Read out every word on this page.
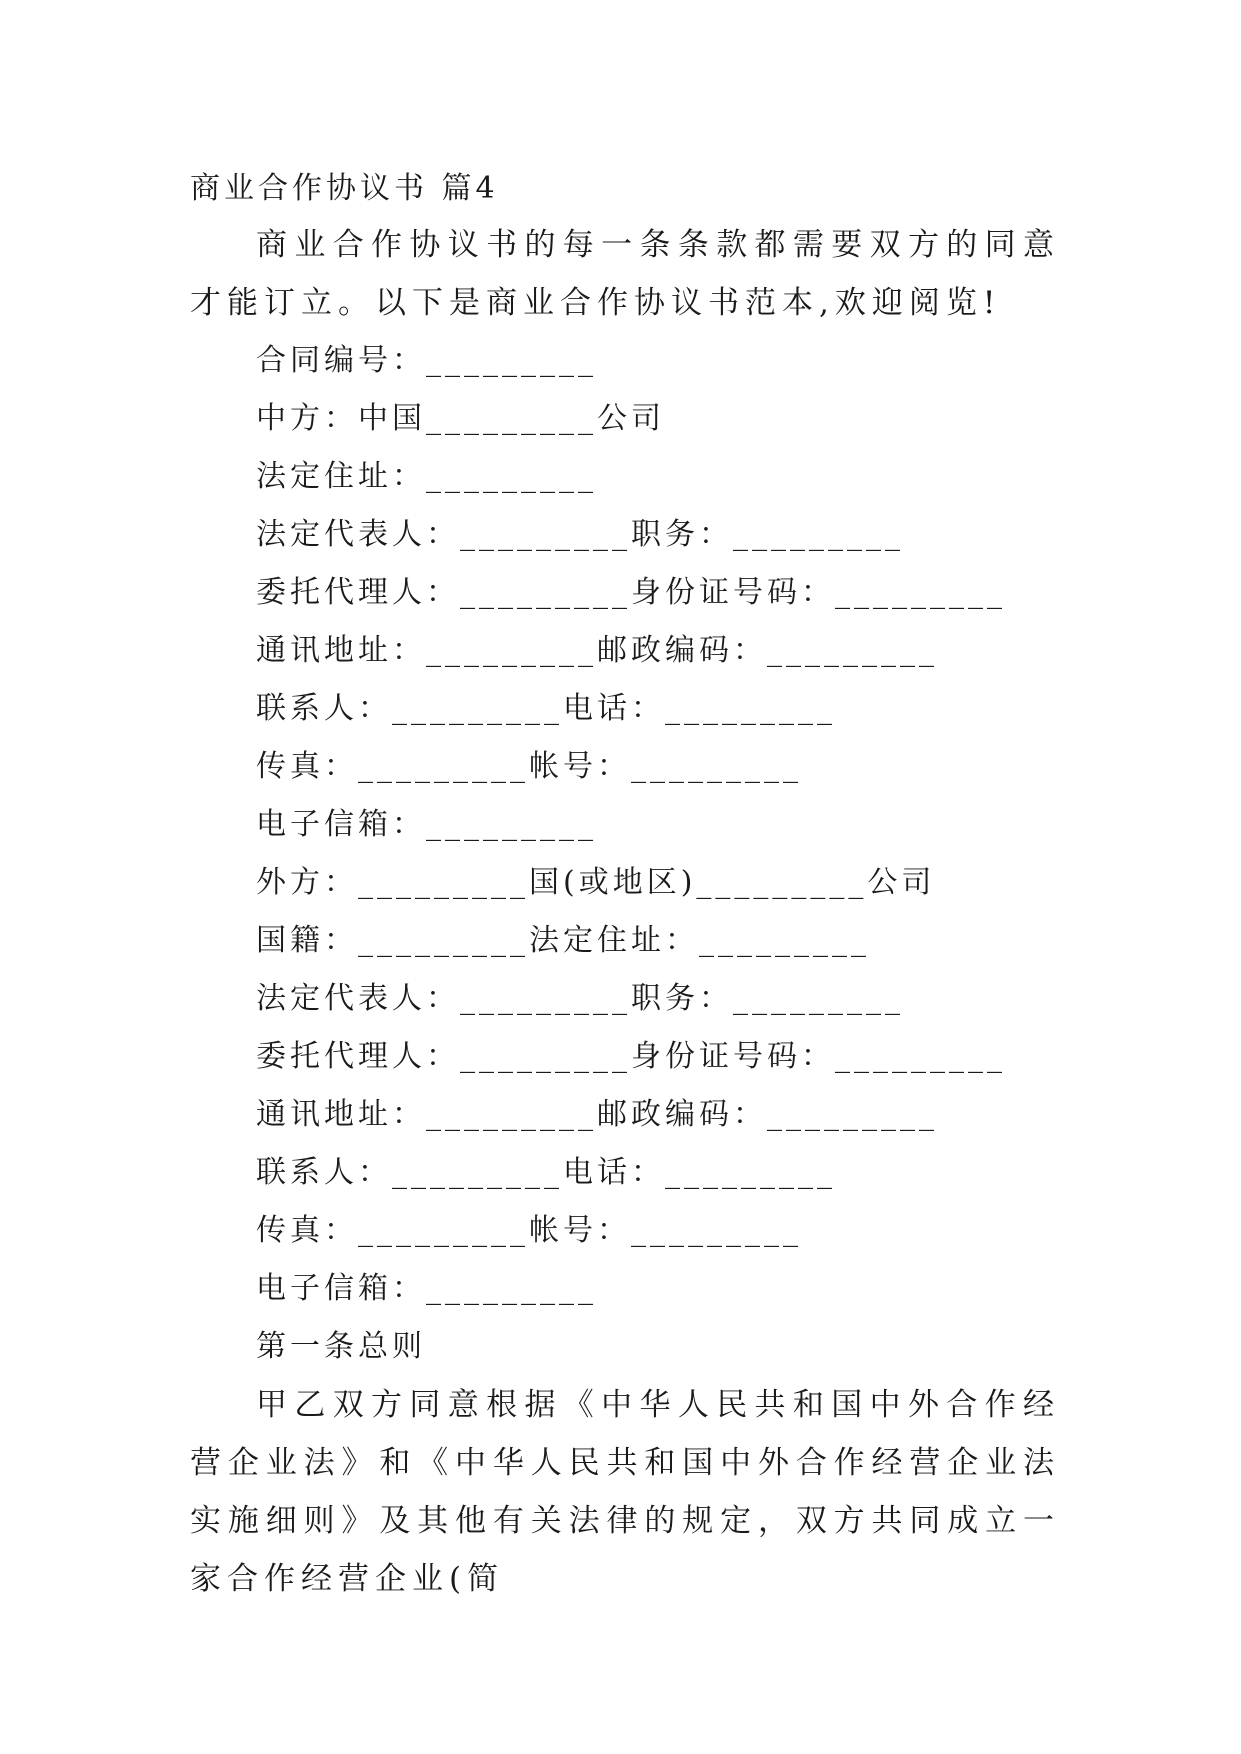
商业合作协议书 篇4

商业合作协议书的每一条条款都需要双方的同意才能订立。以下是商业合作协议书范本,欢迎阅览!

合同编号：_________
中方：中国_________公司
法定住址：_________
法定代表人：_________职务：_________
委托代理人：_________身份证号码：_________
通讯地址：_________邮政编码：_________
联系人：_________电话：_________
传真：_________帐号：_________
电子信箱：_________
外方：_________国(或地区)_________公司
国籍：_________法定住址：_________
法定代表人：_________职务：_________
委托代理人：_________身份证号码：_________
通讯地址：_________邮政编码：_________
联系人：_________电话：_________
传真：_________帐号：_________
电子信箱：_________
第一条总则

甲乙双方同意根据《中华人民共和国中外合作经营企业法》和《中华人民共和国中外合作经营企业法实施细则》及其他有关法律的规定，双方共同成立一家合作经营企业(简
